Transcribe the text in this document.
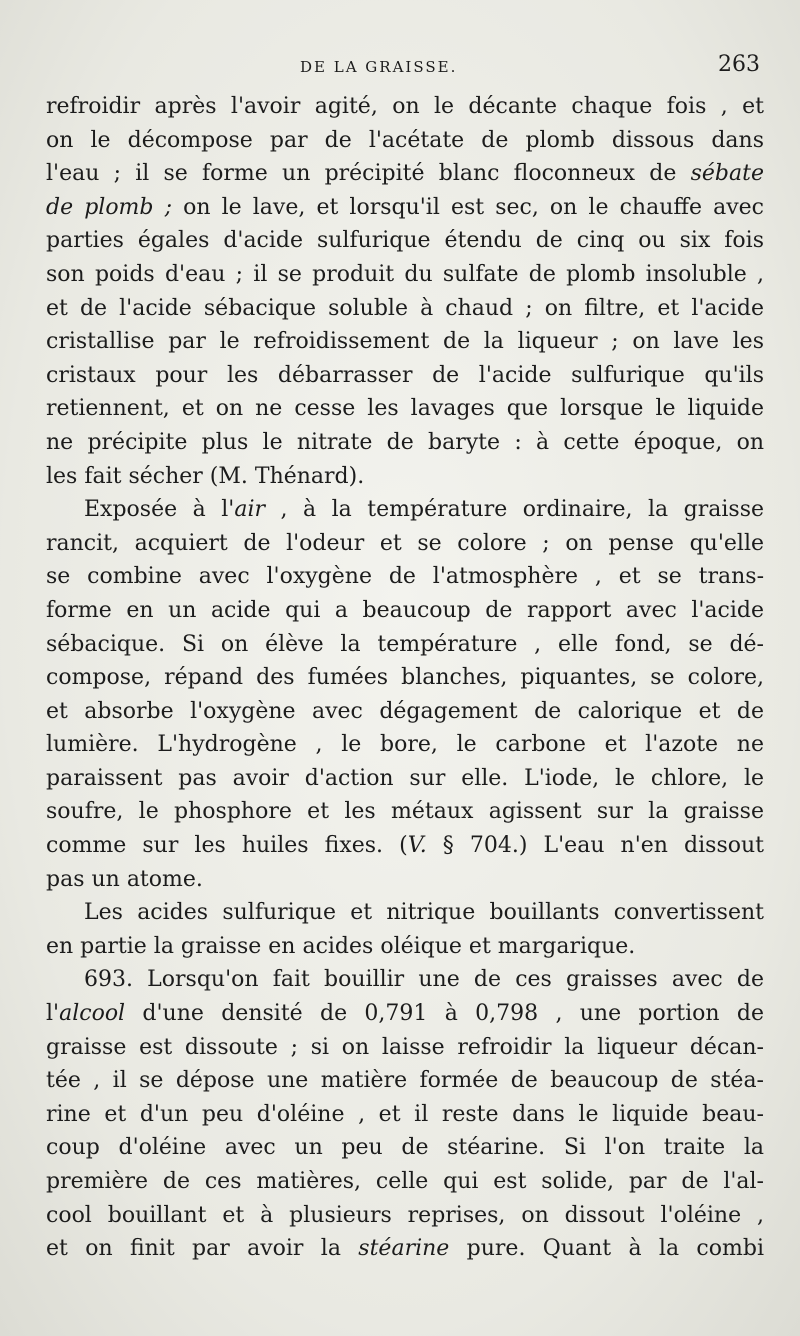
DE LA GRAISSE.	263
refroidir après l'avoir agité, on le décante chaque fois , et
on le décompose par de l'acétate de plomb dissous dans
l'eau ; il se forme un précipité blanc floconneux de sébate
de plomb ; on le lave, et lorsqu'il est sec, on le chauffe avec
parties égales d'acide sulfurique étendu de cinq ou six fois
son poids d'eau ; il se produit du sulfate de plomb insoluble ,
et de l'acide sébacique soluble à chaud ; on filtre, et l'acide
cristallise par le refroidissement de la liqueur ; on lave les
cristaux pour les débarrasser de l'acide sulfurique qu'ils
retiennent, et on ne cesse les lavages que lorsque le liquide
ne précipite plus le nitrate de baryte : à cette époque, on
les fait sécher (M. Thénard).
Exposée à l'air , à la température ordinaire, la graisse
rancit, acquiert de l'odeur et se colore ; on pense qu'elle
se combine avec l'oxygène de l'atmosphère , et se trans-
forme en un acide qui a beaucoup de rapport avec l'acide
sébacique. Si on élève la température , elle fond, se dé-
compose, répand des fumées blanches, piquantes, se colore,
et absorbe l'oxygène avec dégagement de calorique et de
lumière. L'hydrogène , le bore, le carbone et l'azote ne
paraissent pas avoir d'action sur elle. L'iode, le chlore, le
soufre, le phosphore et les métaux agissent sur la graisse
comme sur les huiles fixes. (V. § 704.) L'eau n'en dissout
pas un atome.
Les acides sulfurique et nitrique bouillants convertissent
en partie la graisse en acides oléique et margarique.
693. Lorsqu'on fait bouillir une de ces graisses avec de
l'alcool d'une densité de 0,791 à 0,798 , une portion de
graisse est dissoute ; si on laisse refroidir la liqueur décan-
tée , il se dépose une matière formée de beaucoup de stéa-
rine et d'un peu d'oléine , et il reste dans le liquide beau-
coup d'oléine avec un peu de stéarine. Si l'on traite la
première de ces matières, celle qui est solide, par de l'al-
cool bouillant et à plusieurs reprises, on dissout l'oléine ,
et on finit par avoir la stéarine pure. Quant à la combi
